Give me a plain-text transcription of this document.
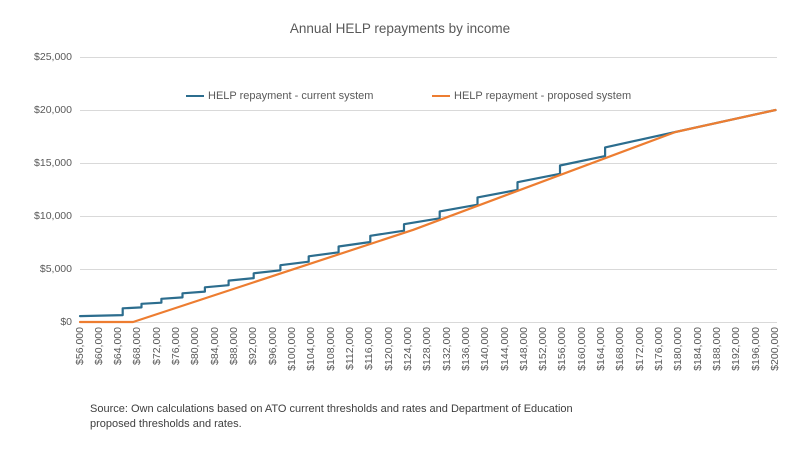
Annual HELP repayments by income
HELP repayment - current system	HELP repayment - proposed system
$0
$5,000
$10,000
$15,000
$20,000
$25,000
$56,000 $60,000 $64,000 $68,000 $72,000 $76,000 $80,000 $84,000 $88,000 $92,000 $96,000 $100,000 $104,000 $108,000 $112,000 $116,000 $120,000 $124,000 $128,000 $132,000 $136,000 $140,000 $144,000 $148,000 $152,000 $156,000 $160,000 $164,000 $168,000 $172,000 $176,000 $180,000 $184,000 $188,000 $192,000 $196,000 $200,000
Source: Own calculations based on ATO current thresholds and rates and Department of Education
proposed thresholds and rates.
